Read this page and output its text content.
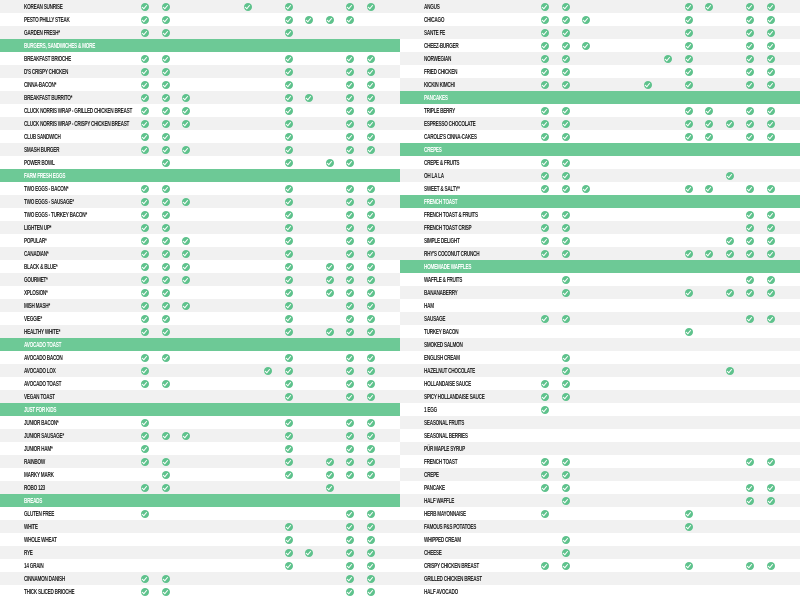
KOREAN SUNRISE
PESTO PHILLY STEAK
GARDEN FRESH*
BURGERS, SANDWICHES & MORE
BREAKFAST BRIOCHE
D'S CRISPY CHICKEN
CINNA-BACON*
BREAKFAST BURRITO*
CLUCK NORRIS WRAP - GRILLED CHICKEN BREAST
CLUCK NORRIS WRAP - CRISPY CHICKEN BREAST
CLUB SANDWICH
SMASH BURGER
POWER BOWL
FARM FRESH EGGS
TWO EGGS - BACON*
TWO EGGS - SAUSAGE*
TWO EGGS - TURKEY BACON*
LIGHTEN UP*
POPULAR*
CANADIAN*
BLACK & BLUE*
GOURMET*
XPLOSION*
MISH MASH*
VEGGIE*
HEALTHY WHITE*
AVOCADO TOAST
AVOCADO BACON
AVOCADO LOX
AVOCADO TOAST
VEGAN TOAST
JUST FOR KIDS
JUNIOR BACON*
JUNIOR SAUSAGE*
JUNIOR HAM*
RAINBOW
MARKY MARK
ROBO 123
BREADS
GLUTEN FREE
WHITE
WHOLE WHEAT
RYE
14 GRAIN
CINNAMON DANISH
THICK SLICED BRIOCHE
ANGUS
CHICAGO
SANTE FE
CHEEZ-BURGER
NORWEGIAN
FRIED CHICKEN
KICKIN KIMCHI
PANCAKES
TRIPLE BERRY
ESPRESSO CHOCOLATE
CAROLE'S CINNA-CAKES
CREPES
CREPE & FRUITS
OH LA LA
SWEET & SALTY*
FRENCH TOAST
FRENCH TOAST & FRUITS
FRENCH TOAST CRISP
SIMPLE DELIGHT
RHY'S COCONUT CRUNCH
HOMEMADE WAFFLES
WAFFLE & FRUITS
BANANABERRY
HAM
SAUSAGE
TURKEY BACON
SMOKED SALMON
ENGLISH CREAM
HAZELNUT CHOCOLATE
HOLLANDAISE SAUCE
SPICY HOLLANDAISE SAUCE
1 EGG
SEASONAL FRUITS
SEASONAL BERRIES
PÜR MAPLE SYRUP
FRENCH TOAST
CREPE
PANCAKE
HALF WAFFLE
HERB MAYONNAISE
FAMOUS P&S POTATOES
WHIPPED CREAM
CHEESE
CRISPY CHICKEN BREAST
GRILLED CHICKEN BREAST
HALF AVOCADO
